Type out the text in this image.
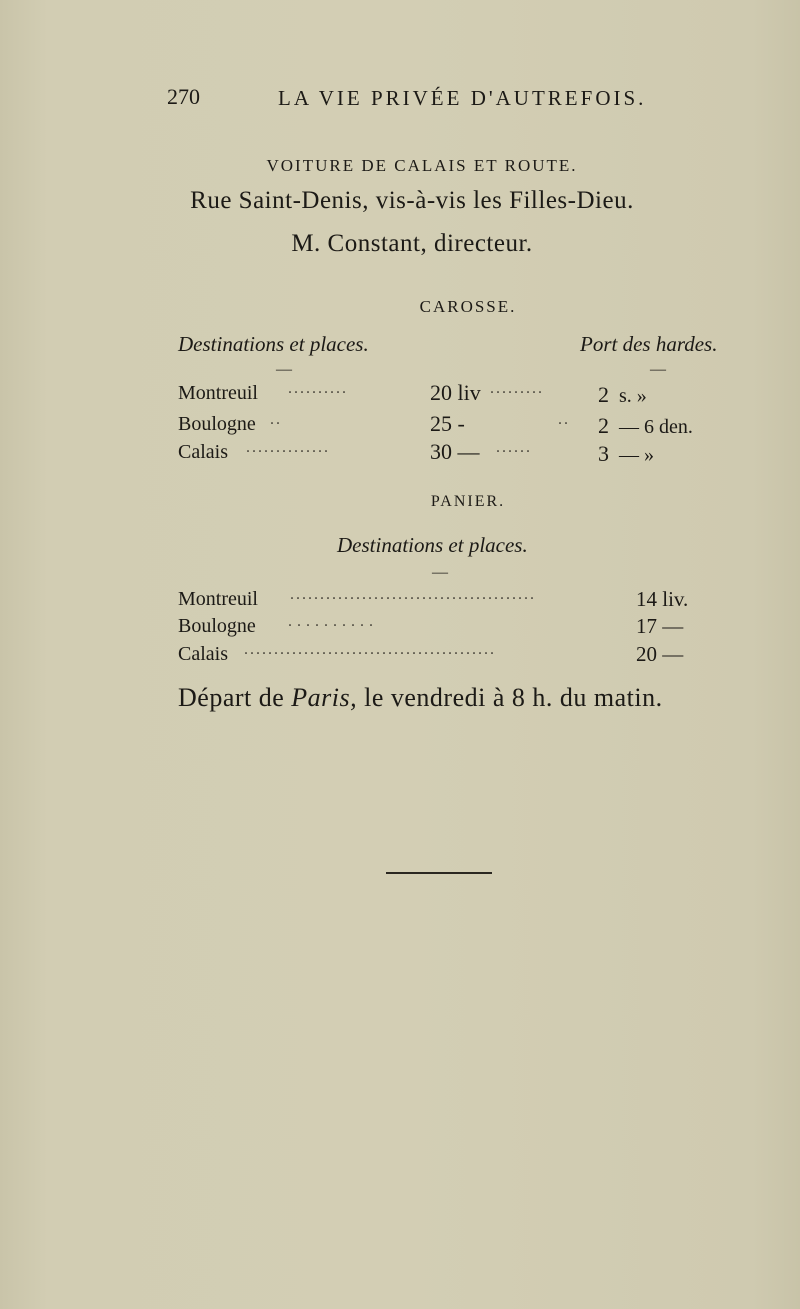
270	LA VIE PRIVÉE D'AUTREFOIS.
VOITURE DE CALAIS ET ROUTE.
Rue Saint-Denis, vis-à-vis les Filles-Dieu.
M. Constant, directeur.
CAROSSE.
Destinations et places.	Port des hardes.
—	—
Montreuil ..........	20 liv ......... 2 s. »
Boulogne ..	25 -	.. 2 — 6 den.
Calais ..............	30 — ......	3 — »
PANIER.
Destinations et places.
—
Montreuil .........................................	14 liv.
Boulogne ..........	17 —
Calais ..........................................	20 —
Départ de Paris, le vendredi à 8 h. du matin.
